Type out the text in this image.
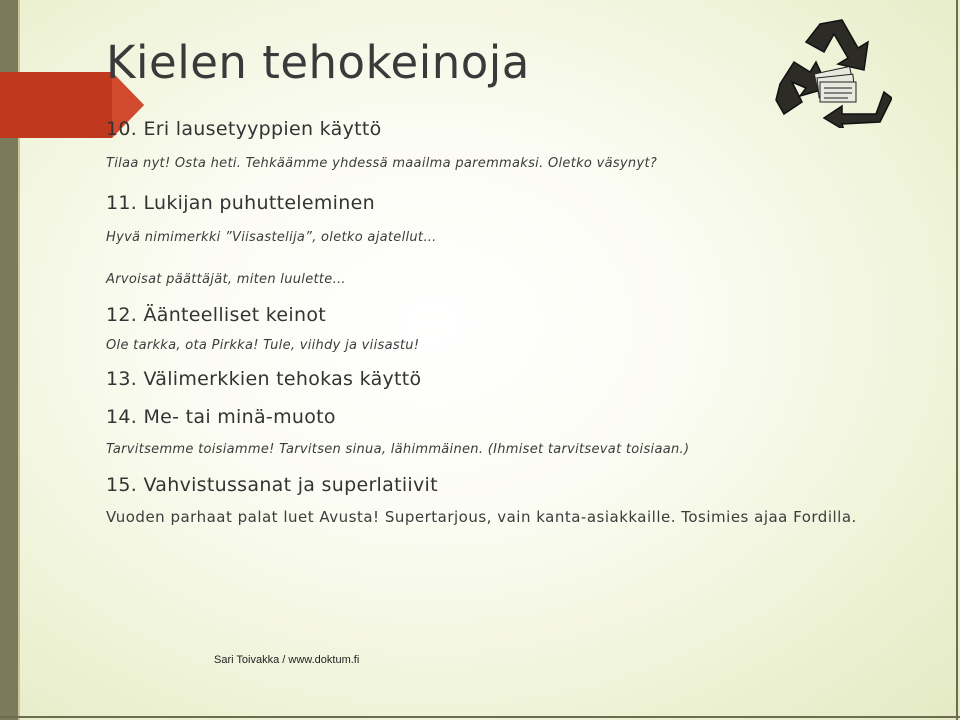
Kielen tehokeinoja

10. Eri lausetyyppien käyttö

Tilaa nyt! Osta heti. Tehkäämme yhdessä maailma paremmaksi. Oletko väsynyt?

11. Lukijan puhutteleminen

Hyvä nimimerkki ”Viisastelija”, oletko ajatellut…

Arvoisat päättäjät, miten luulette…

12. Äänteelliset keinot

Ole tarkka, ota Pirkka! Tule, viihdy ja viisastu!

13. Välimerkkien tehokas käyttö

14. Me- tai minä-muoto

Tarvitsemme toisiamme! Tarvitsen sinua, lähimmäinen. (Ihmiset tarvitsevat toisiaan.)

15. Vahvistussanat ja superlatiivit

Vuoden parhaat palat luet Avusta! Supertarjous, vain kanta-asiakkaille. Tosimies ajaa Fordilla.

Sari Toivakka / www.doktum.fi
